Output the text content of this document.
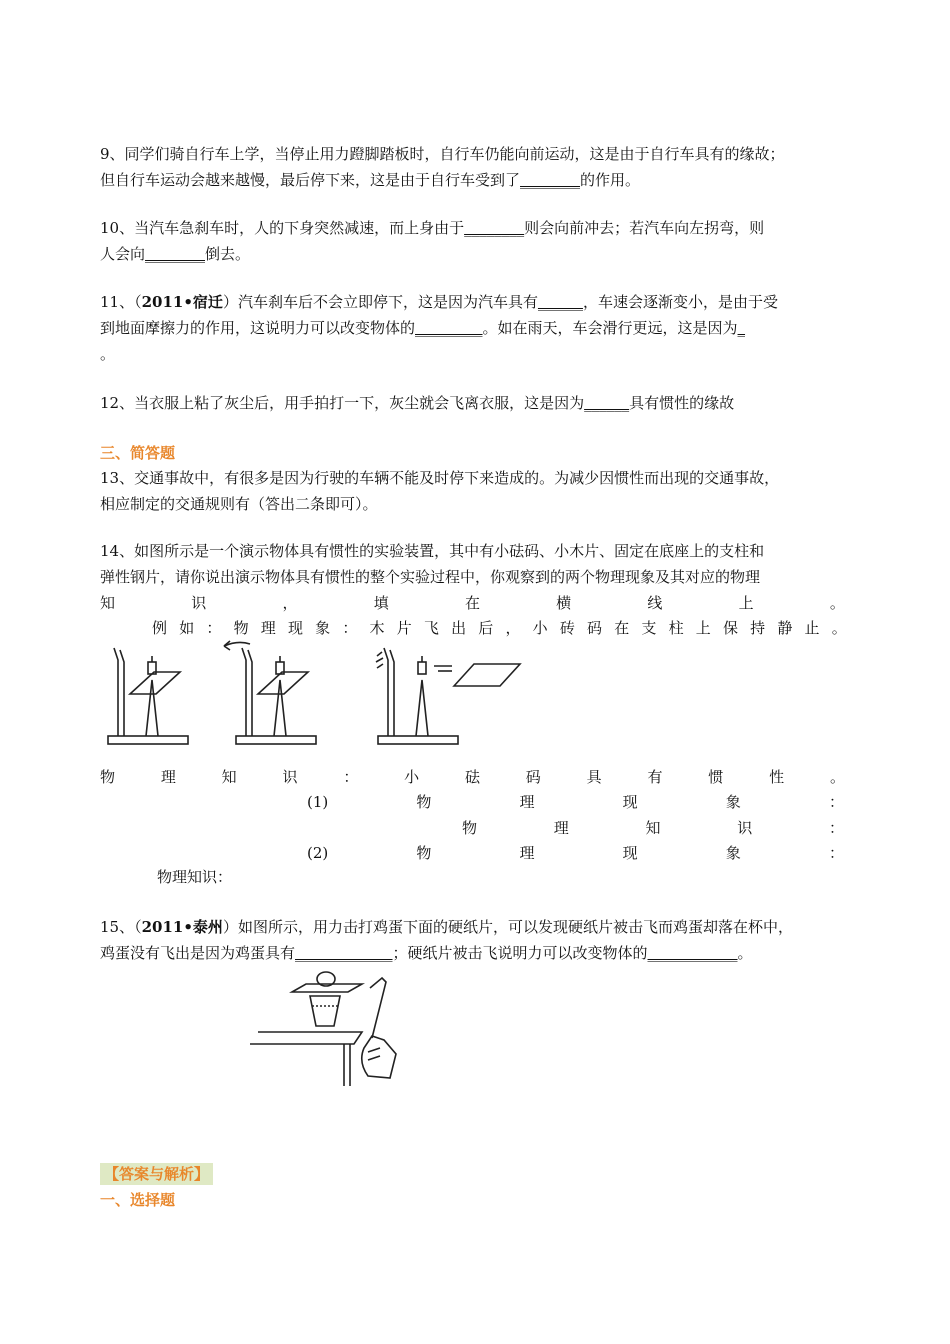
9、同学们骑自行车上学，当停止用力蹬脚踏板时，自行车仍能向前运动，这是由于自行车具有的缘故；
但自行车运动会越来越慢，最后停下来，这是由于自行车受到了________的作用。
10、当汽车急刹车时，人的下身突然减速，而上身由于________则会向前冲去；若汽车向左拐弯，则
人会向________倒去。
11、（2011•宿迁）汽车刹车后不会立即停下，这是因为汽车具有______，车速会逐渐变小，是由于受
到地面摩擦力的作用，这说明力可以改变物体的_________。如在雨天，车会滑行更远，这是因为_
。
12、当衣服上粘了灰尘后，用手拍打一下，灰尘就会飞离衣服，这是因为______具有惯性的缘故
三、简答题
13、交通事故中，有很多是因为行驶的车辆不能及时停下来造成的。为减少因惯性而出现的交通事故，
相应制定的交通规则有（答出二条即可）。
14、如图所示是一个演示物体具有惯性的实验装置，其中有小砝码、小木片、固定在底座上的支柱和
弹性钢片，请你说出演示物体具有惯性的整个实验过程中，你观察到的两个物理现象及其对应的物理
知	识	，	填	在	横	线	上	。
例 如 ： 物 理 现 象 ： 木 片 飞 出 后 ， 小 砖 码 在 支 柱 上 保 持 静 止 。
物	理	知	识	：	小	砝	码	具	有	惯	性	。
(1)	物	理	现	象	：
物	理	知	识	：
(2)	物	理	现	象	：
物理知识：
15、（2011•泰州）如图所示，用力击打鸡蛋下面的硬纸片，可以发现硬纸片被击飞而鸡蛋却落在杯中，
鸡蛋没有飞出是因为鸡蛋具有_____________；硬纸片被击飞说明力可以改变物体的____________。
【答案与解析】
一、选择题
